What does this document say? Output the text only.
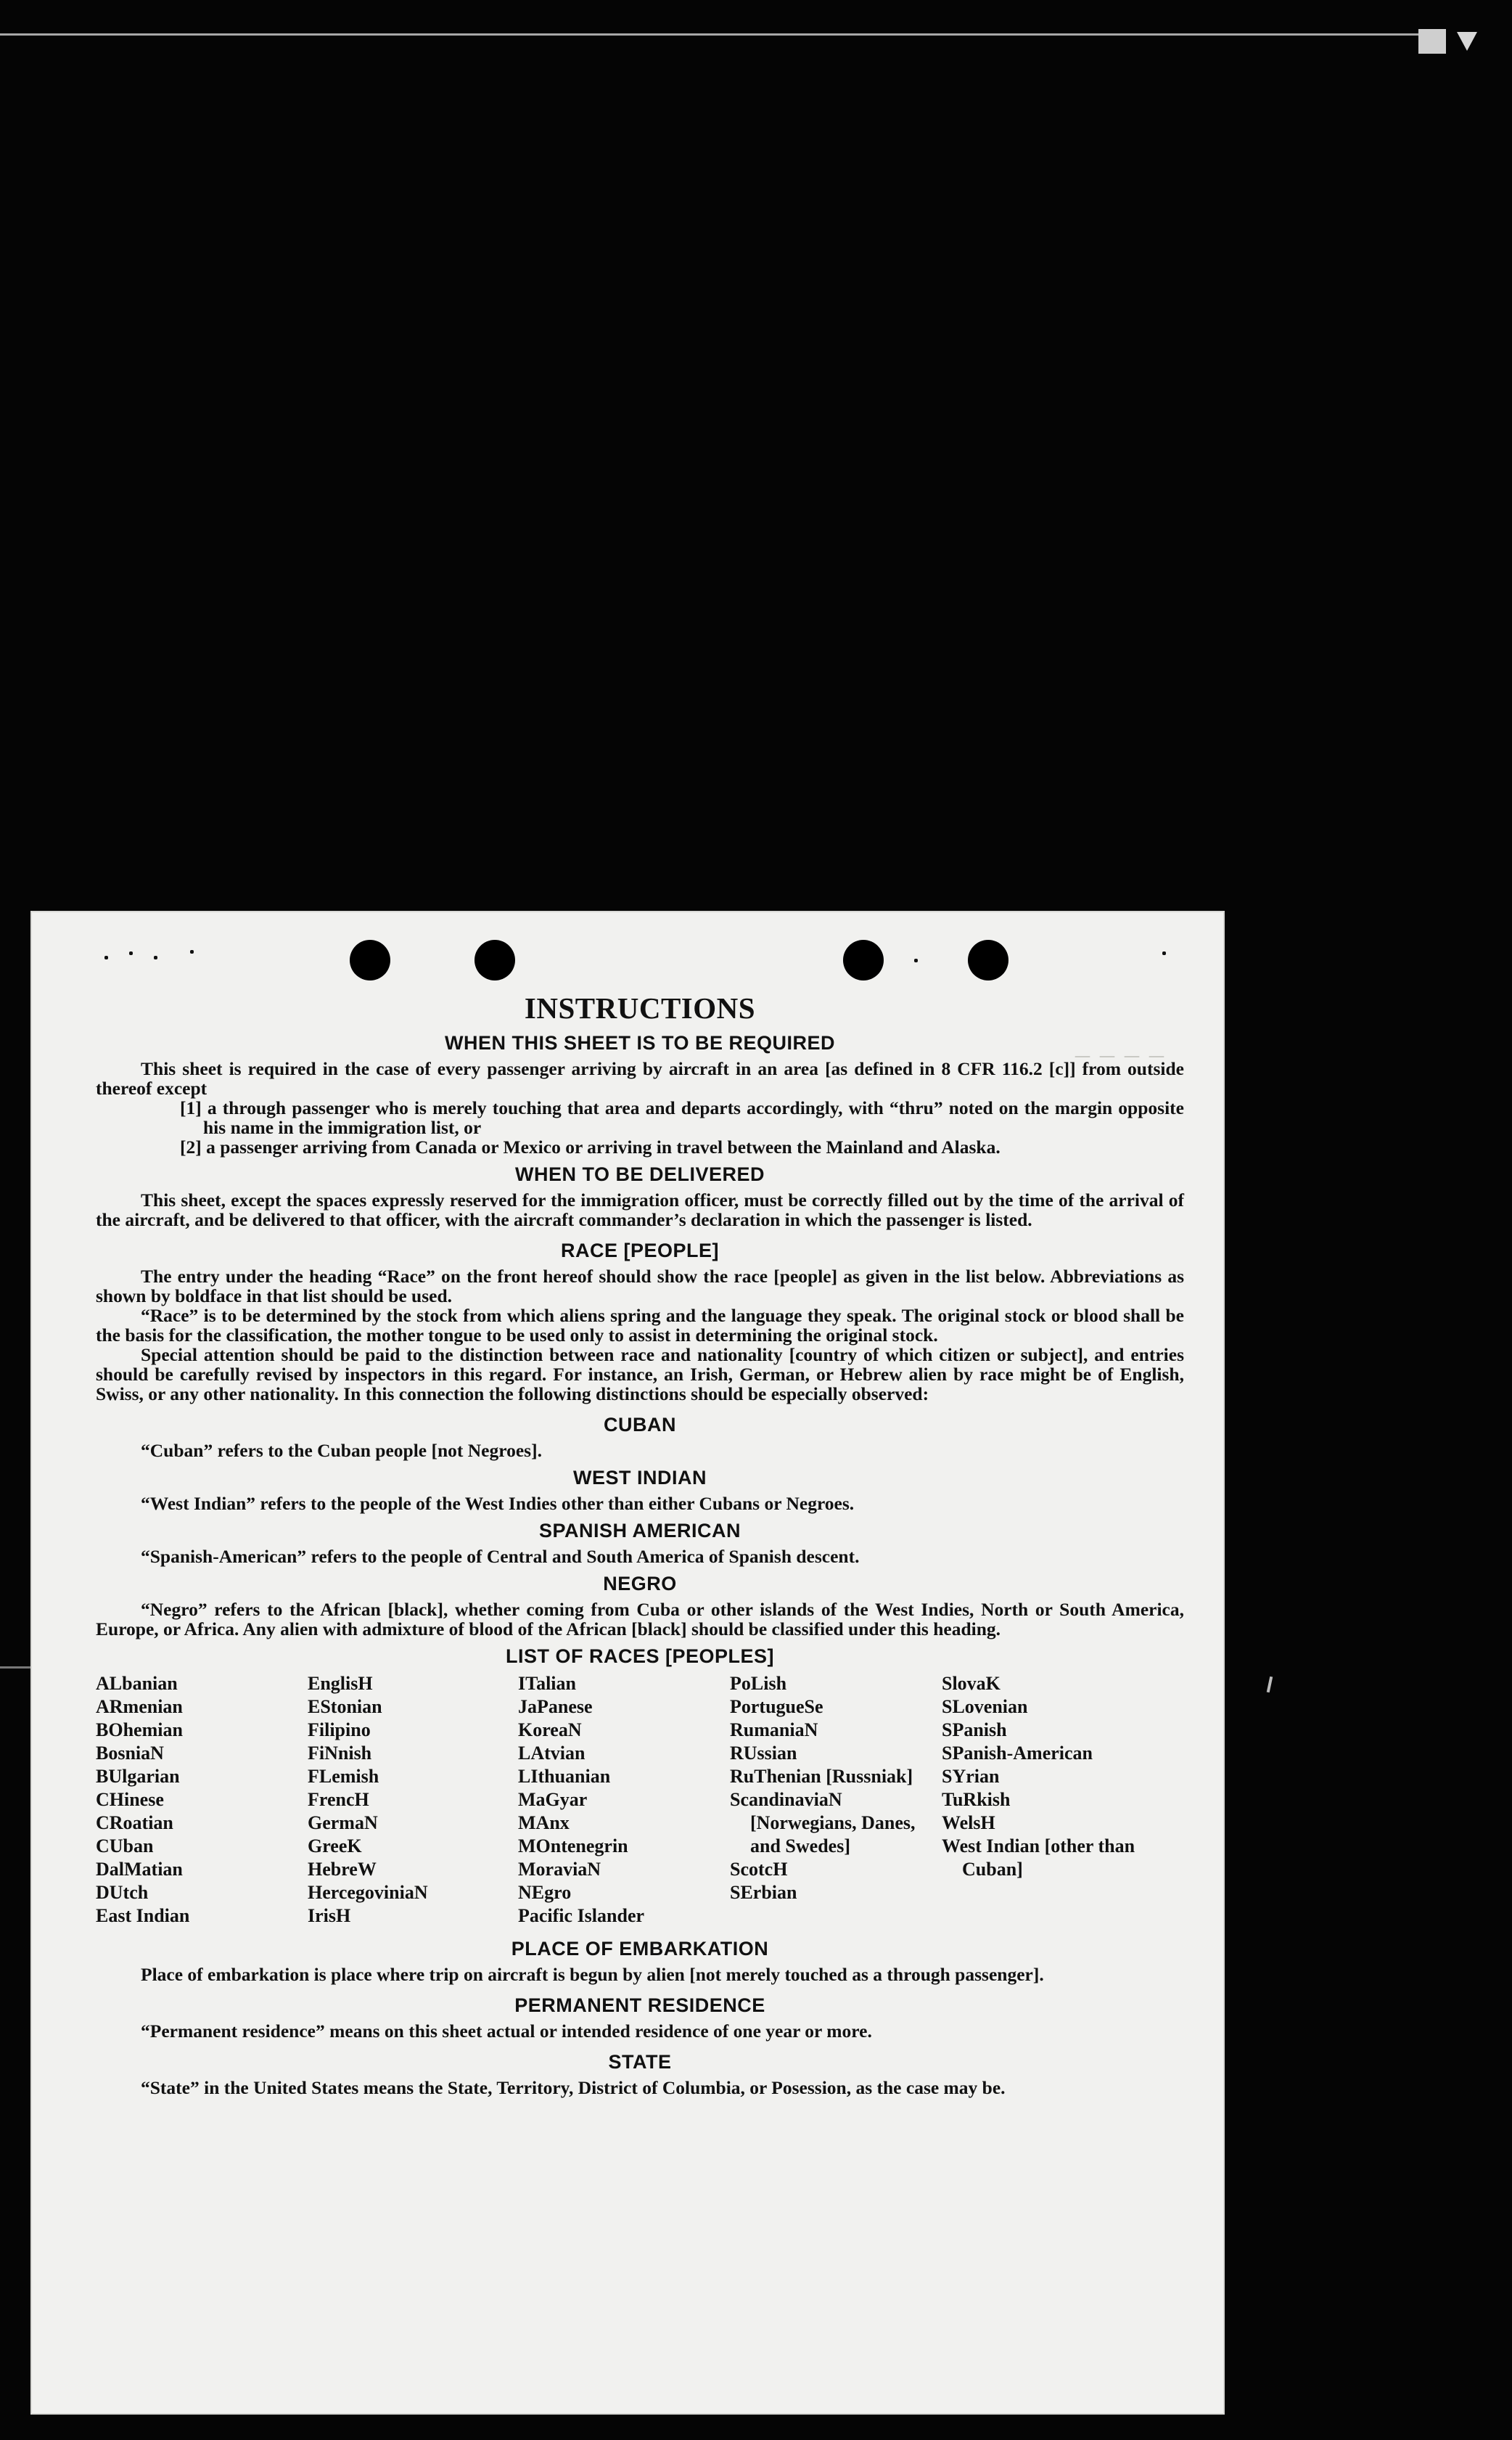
_ _ _ _
INSTRUCTIONS
WHEN THIS SHEET IS TO BE REQUIRED

This sheet is required in the case of every passenger arriving by aircraft in an area [as defined in 8 CFR 116.2 [c]] from outside thereof except

[1] a through passenger who is merely touching that area and departs accordingly, with “thru” noted on the margin opposite his name in the immigration list, or

[2] a passenger arriving from Canada or Mexico or arriving in travel between the Mainland and Alaska.

WHEN TO BE DELIVERED

This sheet, except the spaces expressly reserved for the immigration officer, must be correctly filled out by the time of the arrival of the aircraft, and be delivered to that officer, with the aircraft commander’s declaration in which the passenger is listed.

RACE [PEOPLE]

The entry under the heading “Race” on the front hereof should show the race [people] as given in the list below. Abbreviations as shown by boldface in that list should be used.

“Race” is to be determined by the stock from which aliens spring and the language they speak. The original stock or blood shall be the basis for the classification, the mother tongue to be used only to assist in determining the original stock.

Special attention should be paid to the distinction between race and nationality [country of which citizen or subject], and entries should be carefully revised by inspectors in this regard. For instance, an Irish, German, or Hebrew alien by race might be of English, Swiss, or any other nationality. In this connection the following distinctions should be especially observed:

CUBAN

“Cuban” refers to the Cuban people [not Negroes].

WEST INDIAN

“West Indian” refers to the people of the West Indies other than either Cubans or Negroes.

SPANISH AMERICAN

“Spanish-American” refers to the people of Central and South America of Spanish descent.

NEGRO

“Negro” refers to the African [black], whether coming from Cuba or other islands of the West Indies, North or South America, Europe, or Africa. Any alien with admixture of blood of the African [black] should be classified under this heading.

LIST OF RACES [PEOPLES]
ALbanian
ARmenian
BOhemian
BosniaN
BUlgarian
CHinese
CRoatian
CUban
DalMatian
DUtch
East Indian
EnglisH
EStonian
Filipino
FiNnish
FLemish
FrencH
GermaN
GreeK
HebreW
HercegoviniaN
IrisH
ITalian
JaPanese
KoreaN
LAtvian
LIthuanian
MaGyar
MAnx
MOntenegrin
MoraviaN
NEgro
Pacific Islander
PoLish
PortugueSe
RumaniaN
RUssian
RuThenian [Russniak]
ScandinaviaN [Norwegians, Danes, and Swedes]
ScotcH
SErbian
SlovaK
SLovenian
SPanish
SPanish-American
SYrian
TuRkish
WelsH
West Indian [other than Cuban]
PLACE OF EMBARKATION

Place of embarkation is place where trip on aircraft is begun by alien [not merely touched as a through passenger].

PERMANENT RESIDENCE

“Permanent residence” means on this sheet actual or intended residence of one year or more.

STATE

“State” in the United States means the State, Territory, District of Columbia, or Posession, as the case may be.
